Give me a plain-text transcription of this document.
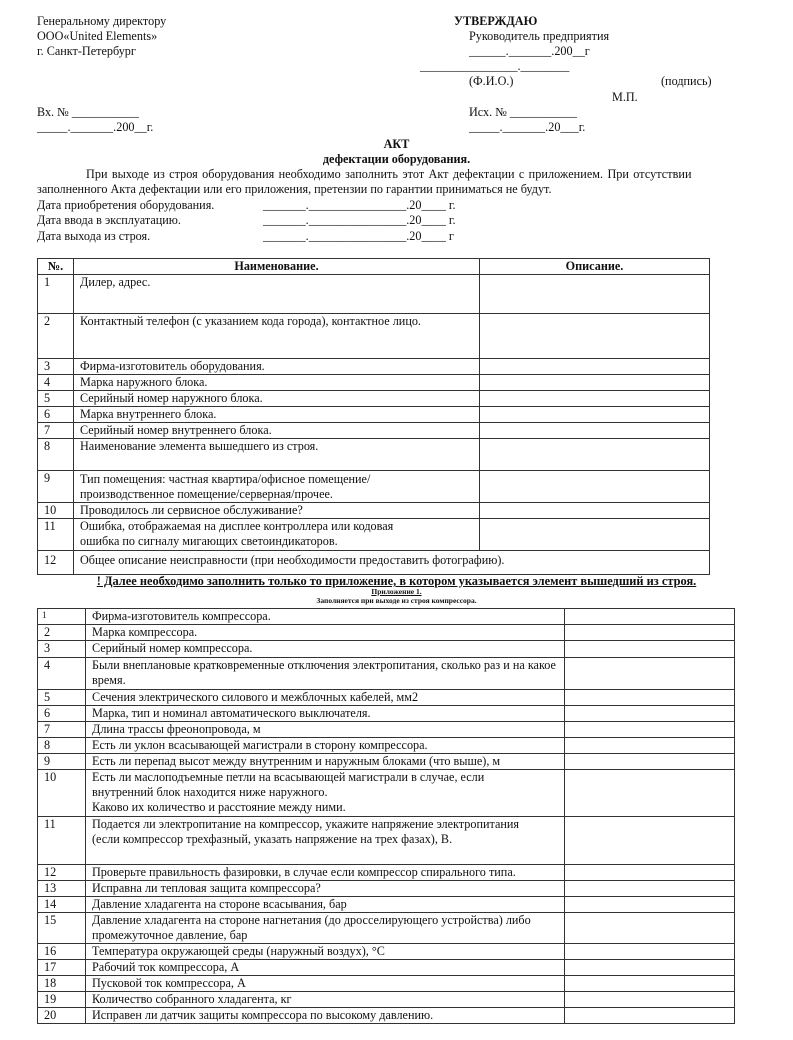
Генеральному директору
ООО«United Elements»
г. Санкт-Петербург
Вх. № ___________
_____._______.200__г.
УТВЕРЖДАЮ
Руководитель предприятия
______._______.200__г
________________.________
(Ф.И.О.)	(подпись)
М.П.
Исх. № ___________
_____._______.20___г.
АКТ
дефектации оборудования.
При выходе из строя оборудования необходимо заполнить этот Акт дефектации с приложением. При отсутствии
заполненного Акта дефектации или его приложения, претензии по гарантии приниматься не будут.
Дата приобретения оборудования.	_______.________________.20____ г.
Дата ввода в эксплуатацию.	_______.________________.20____ г.
Дата выхода из строя.	_______.________________.20____ г
№.	Наименование.	Описание.
1	Дилер, адрес.	
2	Контактный телефон (с указанием кода города), контактное лицо.	
3	Фирма-изготовитель оборудования.	
4	Марка наружного блока.	
5	Серийный номер наружного блока.	
6	Марка внутреннего блока.	
7	Серийный номер внутреннего блока.	
8	Наименование элемента вышедшего из строя.	
9	Тип помещения: частная квартира/офисное помещение/производственное помещение/серверная/прочее.	
10	Проводилось ли сервисное обслуживание?	
11	Ошибка, отображаемая на дисплее контроллера или кодовая ошибка по сигналу мигающих светоиндикаторов.	
12	Общее описание неисправности (при необходимости предоставить фотографию).	
! Далее необходимо заполнить только то приложение, в котором указывается элемент вышедший из строя.
Приложение 1.
Заполняется при выходе из строя компрессора.
1	Фирма-изготовитель компрессора.	
2	Марка компрессора.	
3	Серийный номер компрессора.	
4	Были внеплановые кратковременные отключения электропитания, сколько раз и на какое время.	
5	Сечения электрического силового и межблочных кабелей, мм2	
6	Марка, тип и номинал автоматического выключателя.	
7	Длина трассы фреонопровода, м	
8	Есть ли уклон всасывающей магистрали в сторону компрессора.	
9	Есть ли перепад высот между внутренним и наружным блоками (что выше), м	
10	Есть ли маслоподъемные петли на всасывающей магистрали в случае, если внутренний блок находится ниже наружного.
Каково их количество и расстояние между ними.	

11	Подается ли электропитание на компрессор, укажите напряжение электропитания (если компрессор трехфазный, указать напряжение на трех фазах), В.	
12	Проверьте правильность фазировки, в случае если компрессор спирального типа.	
13	Исправна ли тепловая защита компрессора?	
14	Давление хладагента на стороне всасывания, бар	
15	Давление хладагента на стороне нагнетания (до дросселирующего устройства) либо промежуточное давление, бар	
16	Температура окружающей среды (наружный воздух), °С	
17	Рабочий ток компрессора, А	
18	Пусковой ток компрессора, А	
19	Количество собранного хладагента, кг	
20	Исправен ли датчик защиты компрессора по высокому давлению.	
